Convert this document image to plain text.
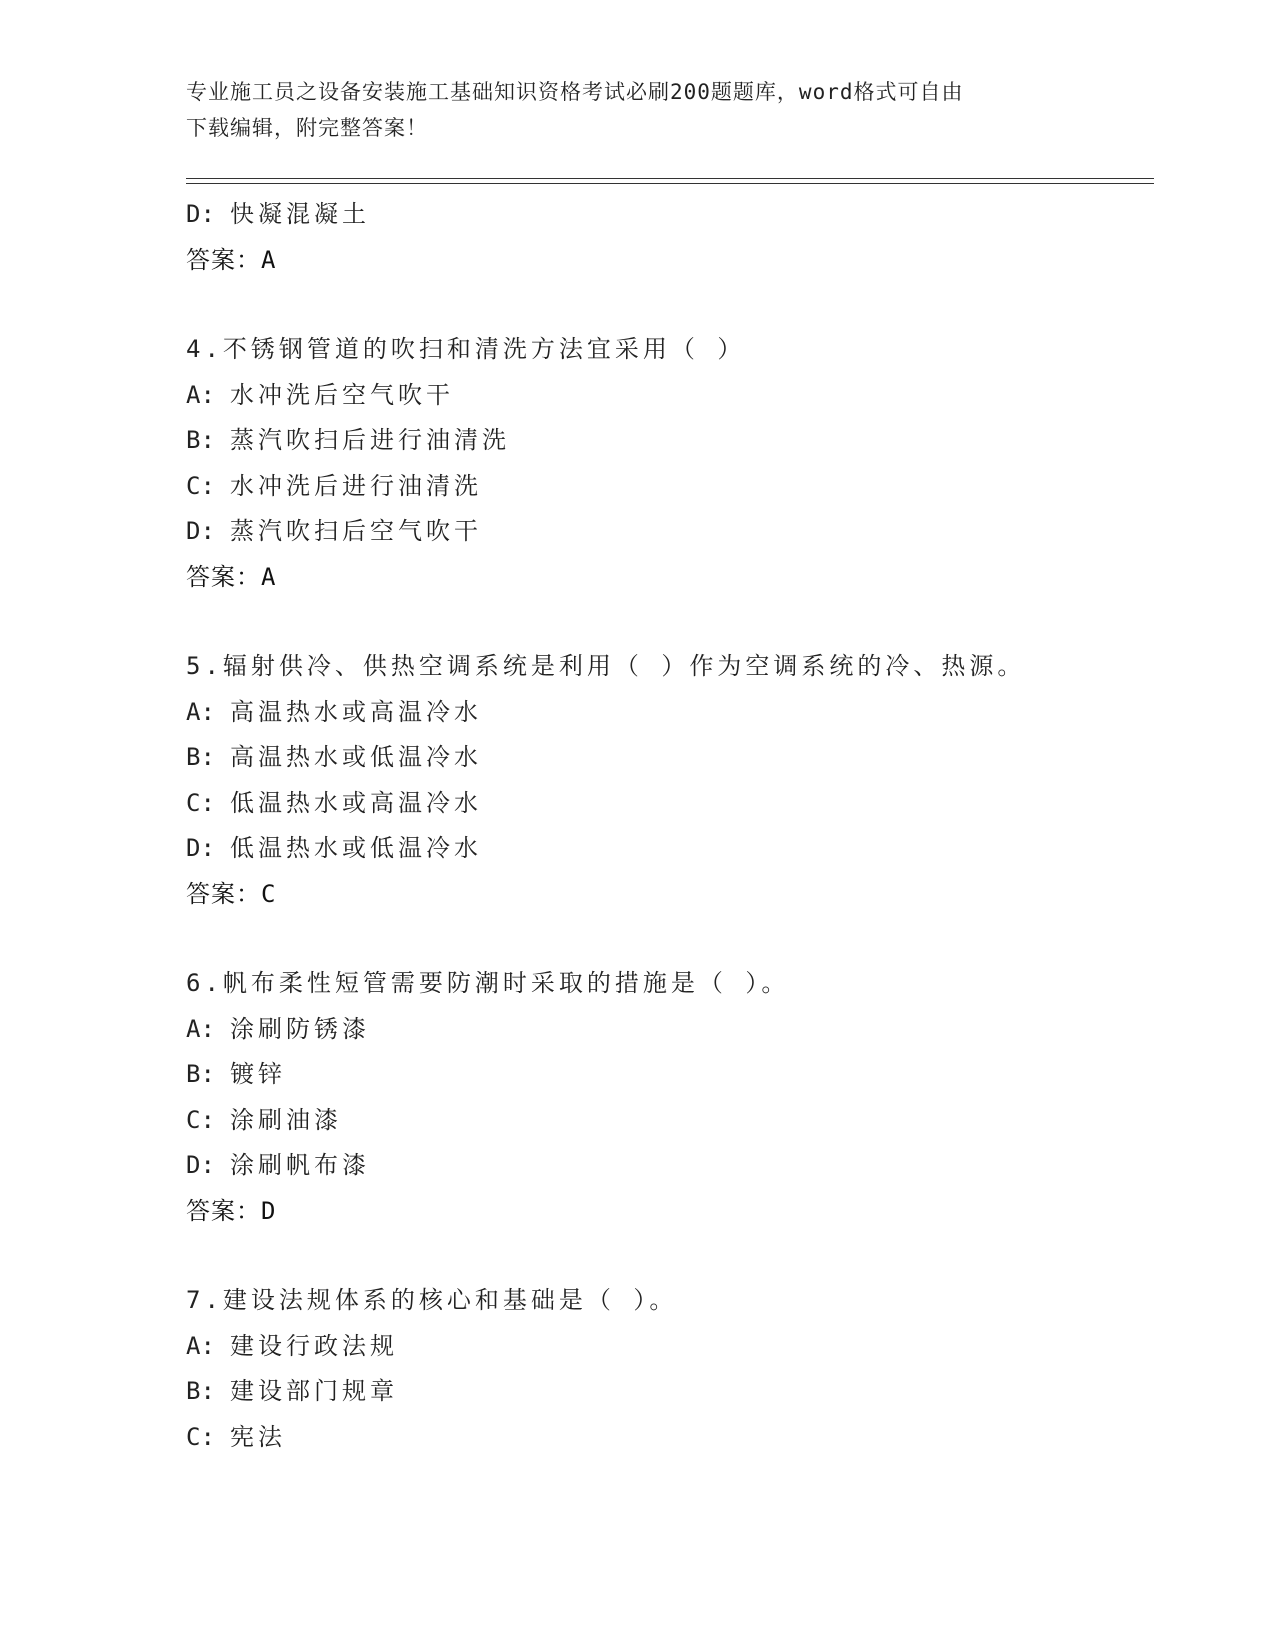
专业施工员之设备安装施工基础知识资格考试必刷200题题库，word格式可自由
下载编辑，附完整答案！
D: 快凝混凝土
答案：A
4.不锈钢管道的吹扫和清洗方法宜采用（ ）
A: 水冲洗后空气吹干
B: 蒸汽吹扫后进行油清洗
C: 水冲洗后进行油清洗
D: 蒸汽吹扫后空气吹干
答案：A
5.辐射供冷、供热空调系统是利用（ ）作为空调系统的冷、热源。
A: 高温热水或高温冷水
B: 高温热水或低温冷水
C: 低温热水或高温冷水
D: 低温热水或低温冷水
答案：C
6.帆布柔性短管需要防潮时采取的措施是（ ）。
A: 涂刷防锈漆
B: 镀锌
C: 涂刷油漆
D: 涂刷帆布漆
答案：D
7.建设法规体系的核心和基础是（ ）。
A: 建设行政法规
B: 建设部门规章
C: 宪法
